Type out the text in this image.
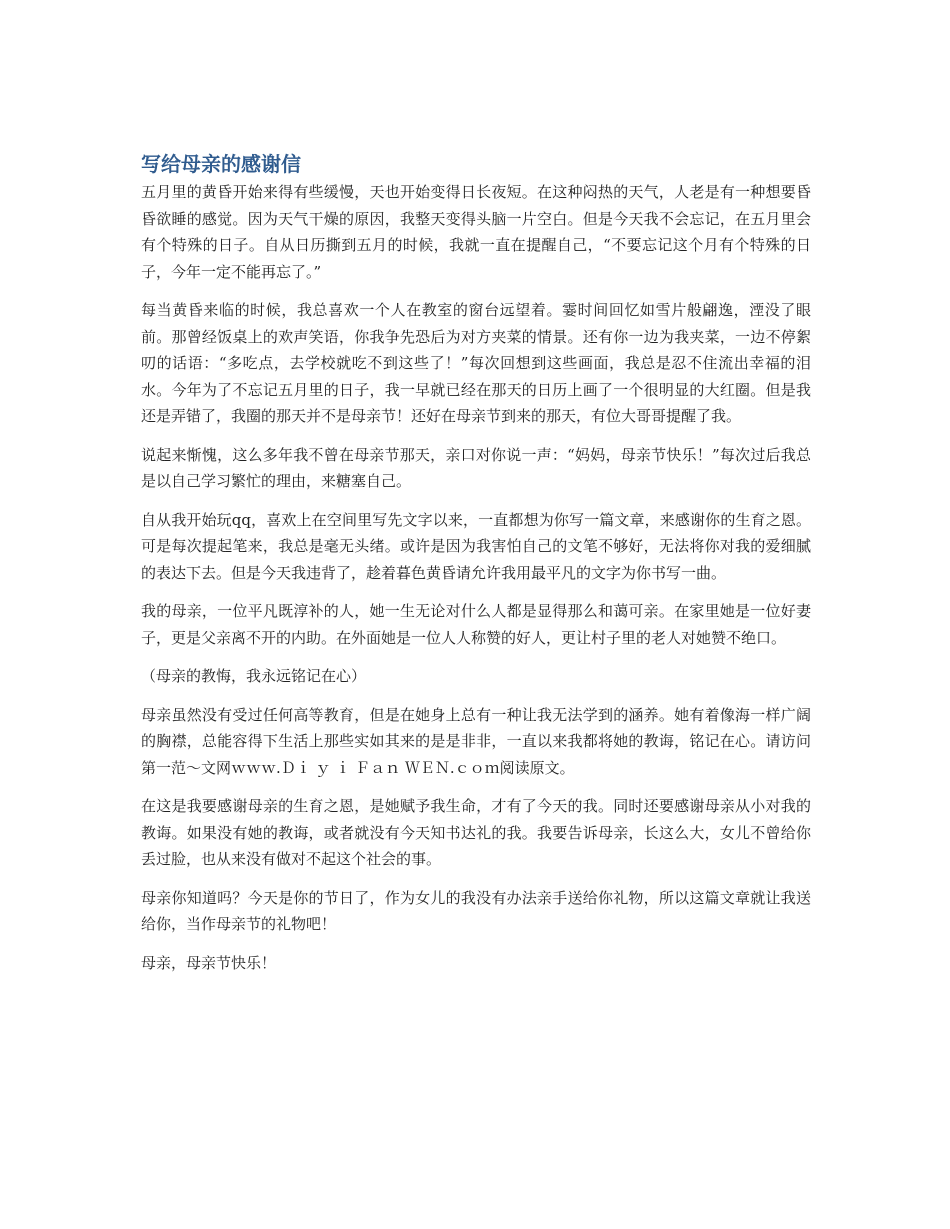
写给母亲的感谢信

五月里的黄昏开始来得有些缓慢，天也开始变得日长夜短。在这种闷热的天气，人老是有一种想要昏昏欲睡的感觉。因为天气干燥的原因，我整天变得头脑一片空白。但是今天我不会忘记，在五月里会有个特殊的日子。自从日历撕到五月的时候，我就一直在提醒自己，“不要忘记这个月有个特殊的日子，今年一定不能再忘了。”

每当黄昏来临的时候，我总喜欢一个人在教室的窗台远望着。霎时间回忆如雪片般翩逸，湮没了眼前。那曾经饭桌上的欢声笑语，你我争先恐后为对方夹菜的情景。还有你一边为我夹菜，一边不停絮叨的话语：“多吃点，去学校就吃不到这些了！”每次回想到这些画面，我总是忍不住流出幸福的泪水。今年为了不忘记五月里的日子，我一早就已经在那天的日历上画了一个很明显的大红圈。但是我还是弄错了，我圈的那天并不是母亲节！还好在母亲节到来的那天，有位大哥哥提醒了我。

说起来惭愧，这么多年我不曾在母亲节那天，亲口对你说一声：“妈妈，母亲节快乐！”每次过后我总是以自己学习繁忙的理由，来糖塞自己。

自从我开始玩qq，喜欢上在空间里写先文字以来，一直都想为你写一篇文章，来感谢你的生育之恩。可是每次提起笔来，我总是毫无头绪。或许是因为我害怕自己的文笔不够好，无法将你对我的爱细腻的表达下去。但是今天我违背了，趁着暮色黄昏请允许我用最平凡的文字为你书写一曲。

我的母亲，一位平凡既淳补的人，她一生无论对什么人都是显得那么和蔼可亲。在家里她是一位好妻子，更是父亲离不开的内助。在外面她是一位人人称赞的好人，更让村子里的老人对她赞不绝口。

（母亲的教悔，我永远铭记在心）

母亲虽然没有受过任何高等教育，但是在她身上总有一种让我无法学到的涵养。她有着像海一样广阔的胸襟，总能容得下生活上那些实如其来的是是非非，一直以来我都将她的教诲，铭记在心。请访问第一范～文网ｗｗｗ.Ｄｉ ｙ ｉ Ｆａｎ ＷＥＮ.ｃｏｍ阅读原文。

在这是我要感谢母亲的生育之恩，是她赋予我生命，才有了今天的我。同时还要感谢母亲从小对我的教诲。如果没有她的教诲，或者就没有今天知书达礼的我。我要告诉母亲，长这么大，女儿不曾给你丢过脸，也从来没有做对不起这个社会的事。

母亲你知道吗？今天是你的节日了，作为女儿的我没有办法亲手送给你礼物，所以这篇文章就让我送给你，当作母亲节的礼物吧！

母亲，母亲节快乐！
